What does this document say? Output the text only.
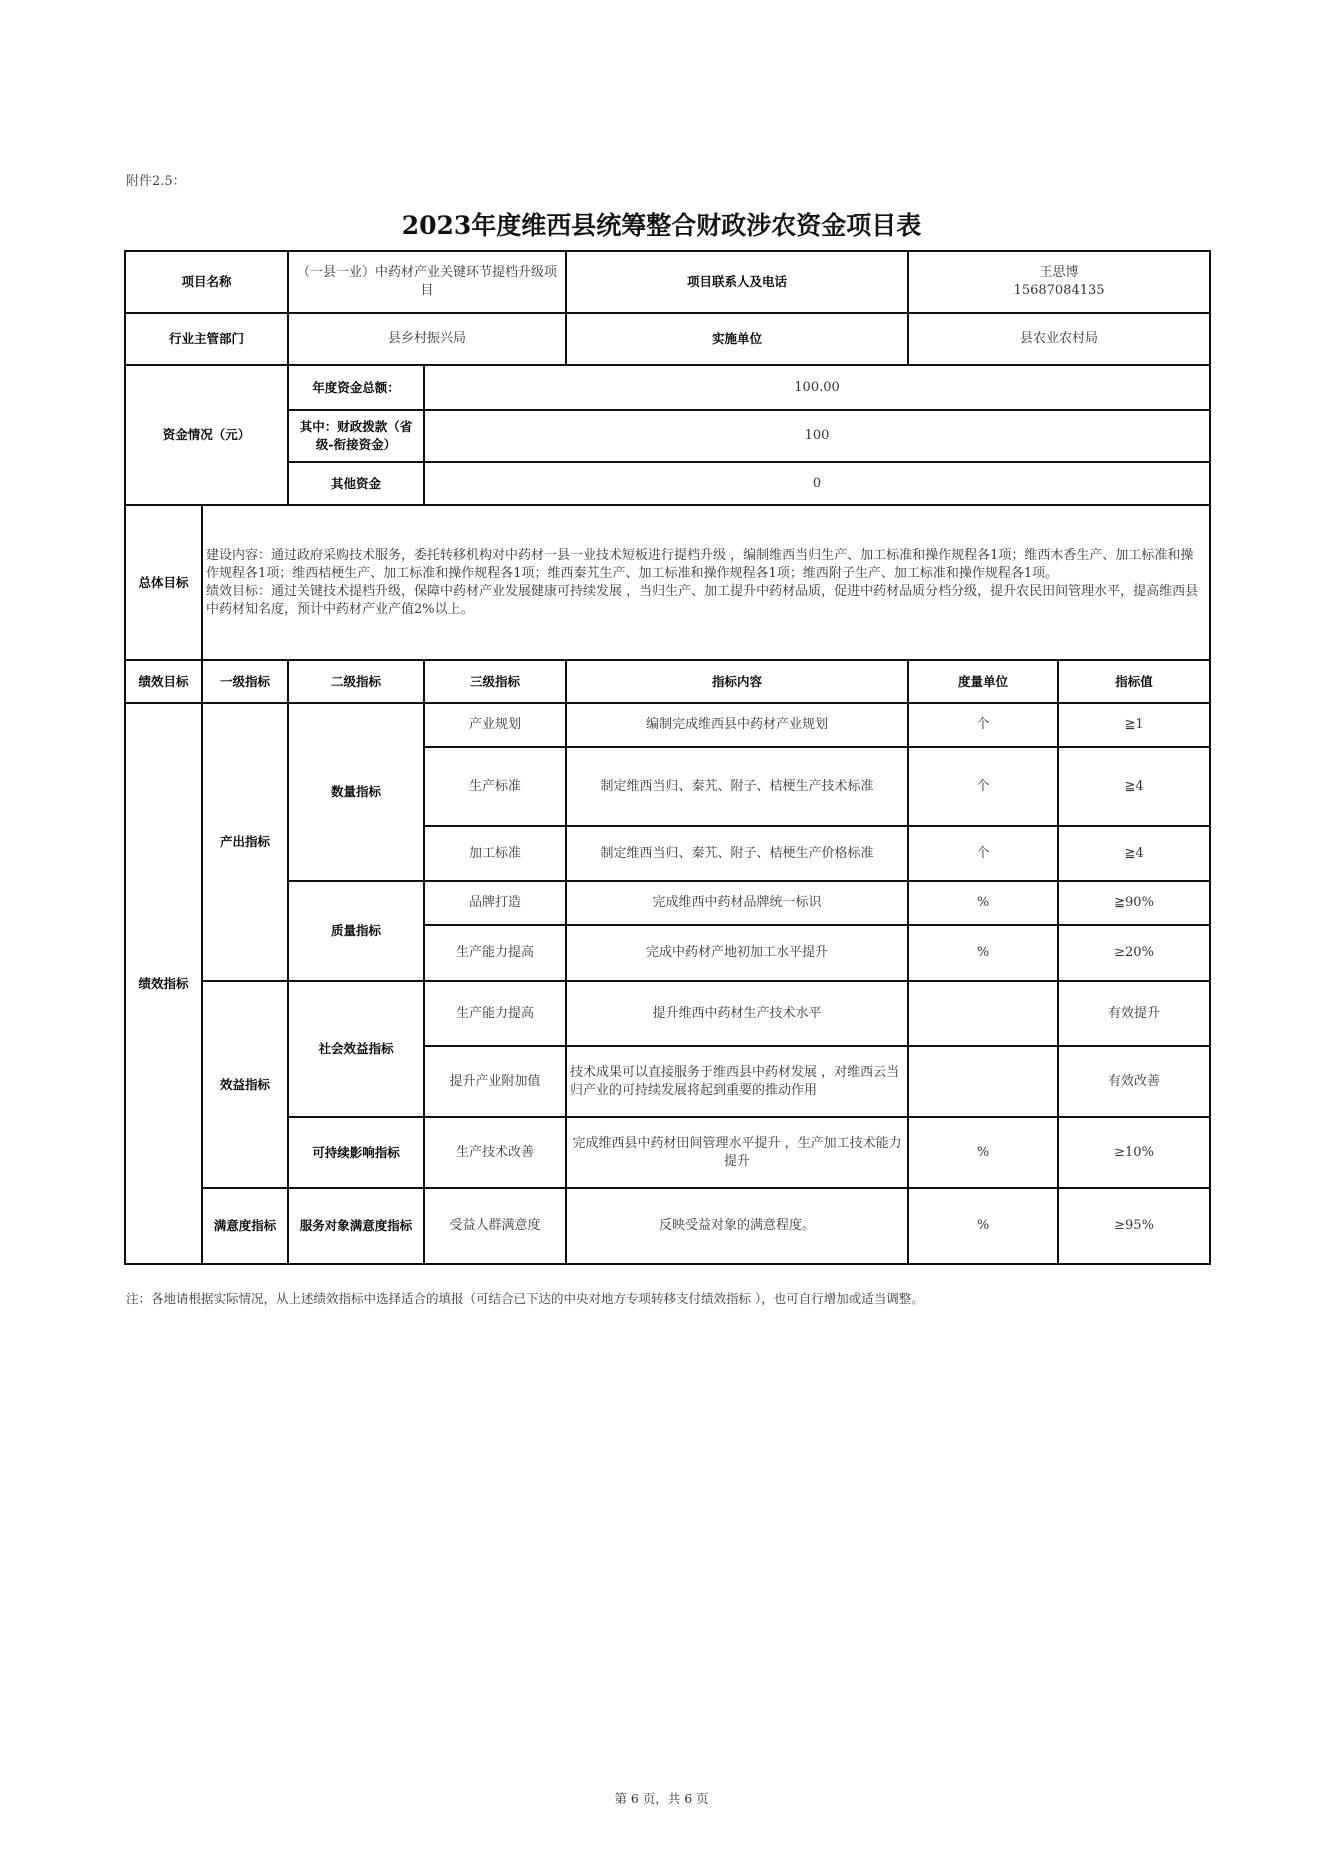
附件2.5：
2023年度维西县统筹整合财政涉农资金项目表
项目名称		（一县一业）中药材产业关键环节提档升级项目		项目联系人及电话	王思博
15687084135	

行业主管部门		县乡村振兴局		实施单位	县农业农村局	
资金情况（元）		年度资金总额：	100.00			
		其中：财政拨款（省级-衔接资金）	100			
		其他资金	0			
总体目标	建设内容：通过政府采购技术服务，委托转移机构对中药材一县一业技术短板进行提档升级 ，编制维西当归生产、加工标准和操作规程各1项；维西木香生产、加工标准和操作规程各1项；维西桔梗生产、加工标准和操作规程各1项；维西秦艽生产、加工标准和操作规程各1项；维西附子生产、加工标准和操作规程各1项。
绩效目标：通过关键技术提档升级，保障中药材产业发展健康可持续发展 ，当归生产、加工提升中药材品质，促进中药材品质分档分级，提升农民田间管理水平，提高维西县中药材知名度，预计中药材产业产值2%以上。					

绩效目标	一级指标	二级指标	三级指标	指标内容	度量单位	指标值
绩效指标	产出指标	数量指标	产业规划	编制完成维西县中药材产业规划	个	≧1
			生产标准	制定维西当归、秦艽、附子、桔梗生产技术标准	个	≧4
			加工标准	制定维西当归、秦艽、附子、桔梗生产价格标准	个	≧4
		质量指标	品牌打造	完成维西中药材品牌统一标识	%	≧90%
			生产能力提高	完成中药材产地初加工水平提升	%	≥20%
	效益指标	社会效益指标	生产能力提高	提升维西中药材生产技术水平		有效提升
			提升产业附加值	技术成果可以直接服务于维西县中药材发展 ，对维西云当归产业的可持续发展将起到重要的推动作用		有效改善
		可持续影响指标	生产技术改善	完成维西县中药材田间管理水平提升 ，生产加工技术能力提升	%	≥10%
	满意度指标	服务对象满意度指标	受益人群满意度	反映受益对象的满意程度。	%	≥95%
注：各地请根据实际情况，从上述绩效指标中选择适合的填报（可结合已下达的中央对地方专项转移支付绩效指标 ），也可自行增加或适当调整。
第 6 页，共 6 页
